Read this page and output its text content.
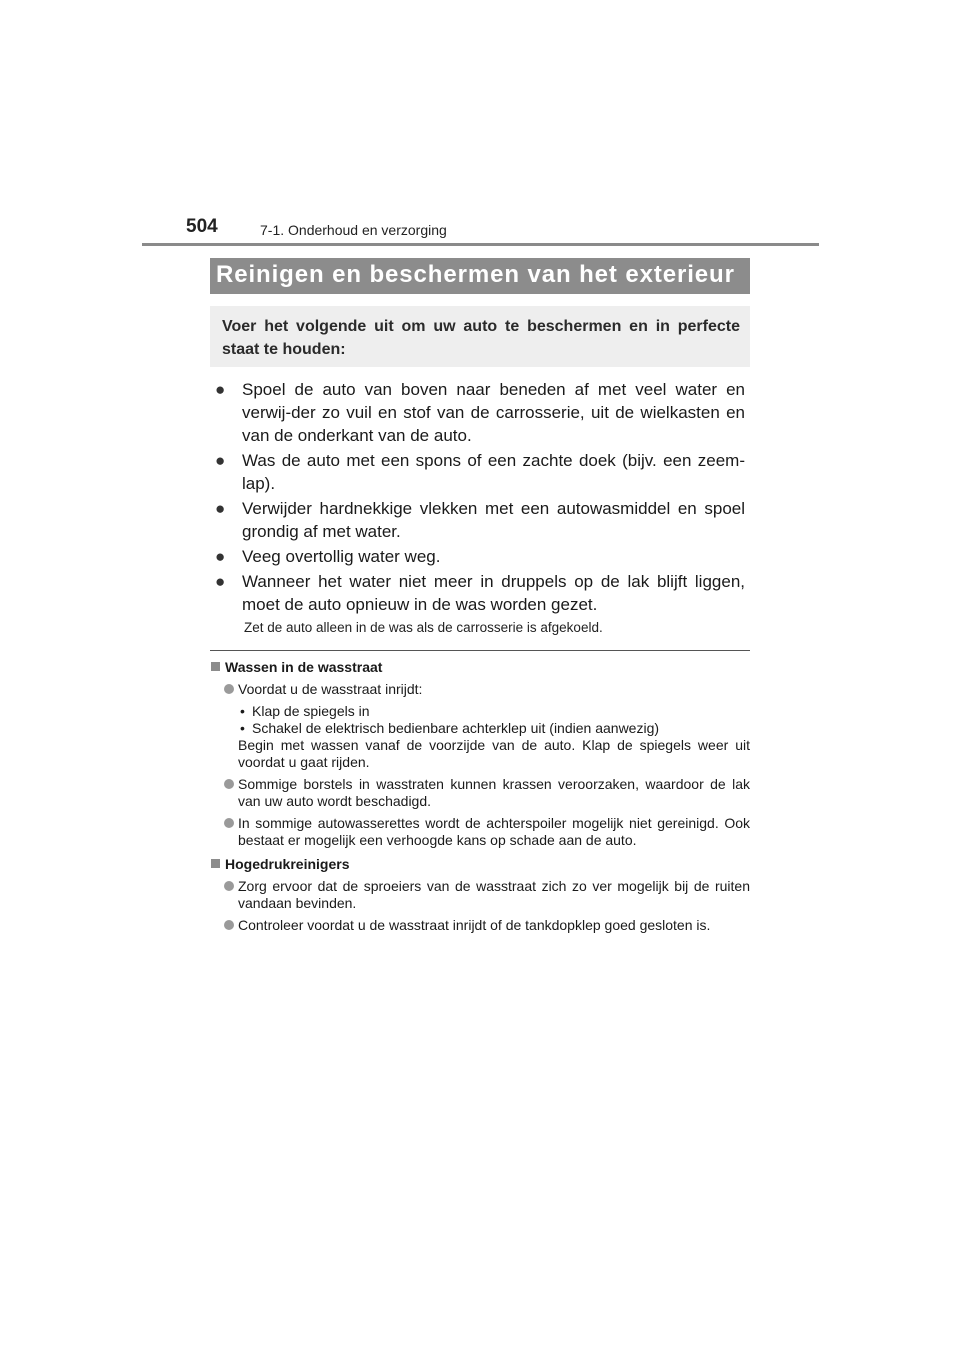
504	7-1. Onderhoud en verzorging
Reinigen en beschermen van het exterieur
Voer het volgende uit om uw auto te beschermen en in perfecte staat te houden:
● Spoel de auto van boven naar beneden af met veel water en verwij-der zo vuil en stof van de carrosserie, uit de wielkasten en van de onderkant van de auto.
● Was de auto met een spons of een zachte doek (bijv. een zeem-lap).
● Verwijder hardnekkige vlekken met een autowasmiddel en spoel grondig af met water.
● Veeg overtollig water weg.
● Wanneer het water niet meer in druppels op de lak blijft liggen, moet de auto opnieuw in de was worden gezet.
Zet de auto alleen in de was als de carrosserie is afgekoeld.
Wassen in de wasstraat
Voordat u de wasstraat inrijdt:
• Klap de spiegels in
• Schakel de elektrisch bedienbare achterklep uit (indien aanwezig)
Begin met wassen vanaf de voorzijde van de auto. Klap de spiegels weer uit voordat u gaat rijden.
Sommige borstels in wasstraten kunnen krassen veroorzaken, waardoor de lak van uw auto wordt beschadigd.
In sommige autowasserettes wordt de achterspoiler mogelijk niet gereinigd. Ook bestaat er mogelijk een verhoogde kans op schade aan de auto.
Hogedrukreinigers
Zorg ervoor dat de sproeiers van de wasstraat zich zo ver mogelijk bij de ruiten vandaan bevinden.
Controleer voordat u de wasstraat inrijdt of de tankdopklep goed gesloten is.
